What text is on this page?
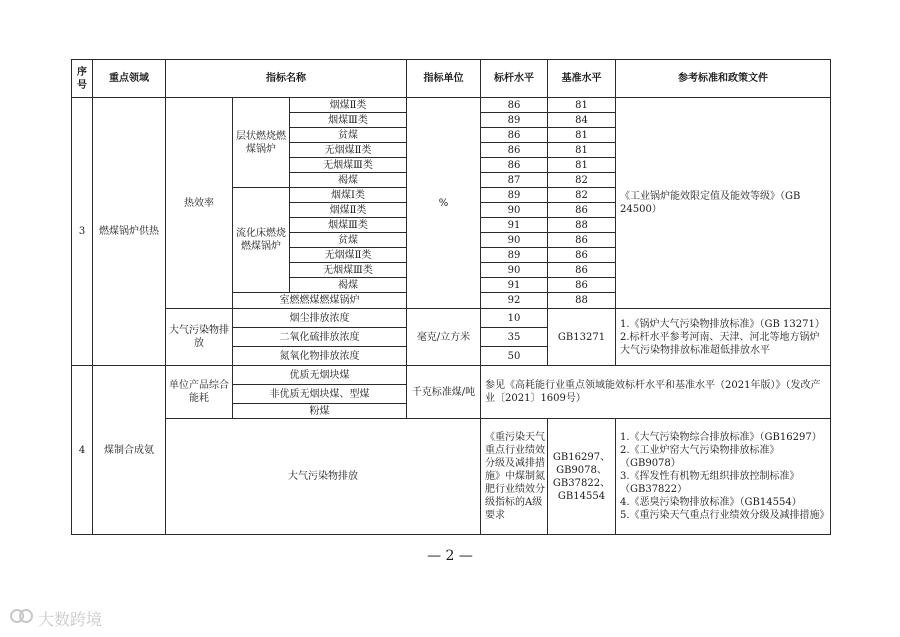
序号	重点领域	指标名称			指标单位	标杆水平	基准水平	参考标准和政策文件
3	燃煤锅炉供热	热效率	层状燃烧燃煤锅炉	烟煤Ⅱ类	%	86	81	《工业锅炉能效限定值及能效等级》（GB 24500）
				烟煤Ⅲ类		89	84	
				贫煤		86	81	
				无烟煤Ⅱ类		86	81	
				无烟煤Ⅲ类		86	81	
				褐煤		87	82	
			流化床燃烧燃煤锅炉	烟煤Ⅰ类		89	82	
				烟煤Ⅱ类		90	86	
				烟煤Ⅲ类		91	88	
				贫煤		90	86	
				无烟煤Ⅱ类		89	86	
				无烟煤Ⅲ类		90	86	
				褐煤		91	86	
			室燃燃煤燃煤锅炉			92	88	
		大气污染物排放	烟尘排放浓度		毫克/立方米	10	GB13271	1.《锅炉大气污染物排放标准》（GB 13271）
2.标杆水平参考河南、天津、河北等地方锅炉大气污染物排放标准超低排放水平
			二氧化硫排放浓度			35		
			氮氧化物排放浓度			50		
4	煤制合成氨	单位产品综合能耗	优质无烟块煤		千克标准煤/吨	参见《高耗能行业重点领域能效标杆水平和基准水平（2021年版）》（发改产业〔2021〕1609号）		
			非优质无烟块煤、型煤					
			粉煤					
		大气污染物排放				《重污染天气重点行业绩效分级及减排措施》中煤制氮肥行业绩效分级指标的A级要求	GB16297、GB9078、GB37822、GB14554	1.《大气污染物综合排放标准》（GB16297）
2.《工业炉窑大气污染物排放标准》（GB9078）
3.《挥发性有机物无组织排放控制标准》（GB37822）
4.《恶臭污染物排放标准》（GB14554）
5.《重污染天气重点行业绩效分级及减排措施》
— 2 —
大数跨境
